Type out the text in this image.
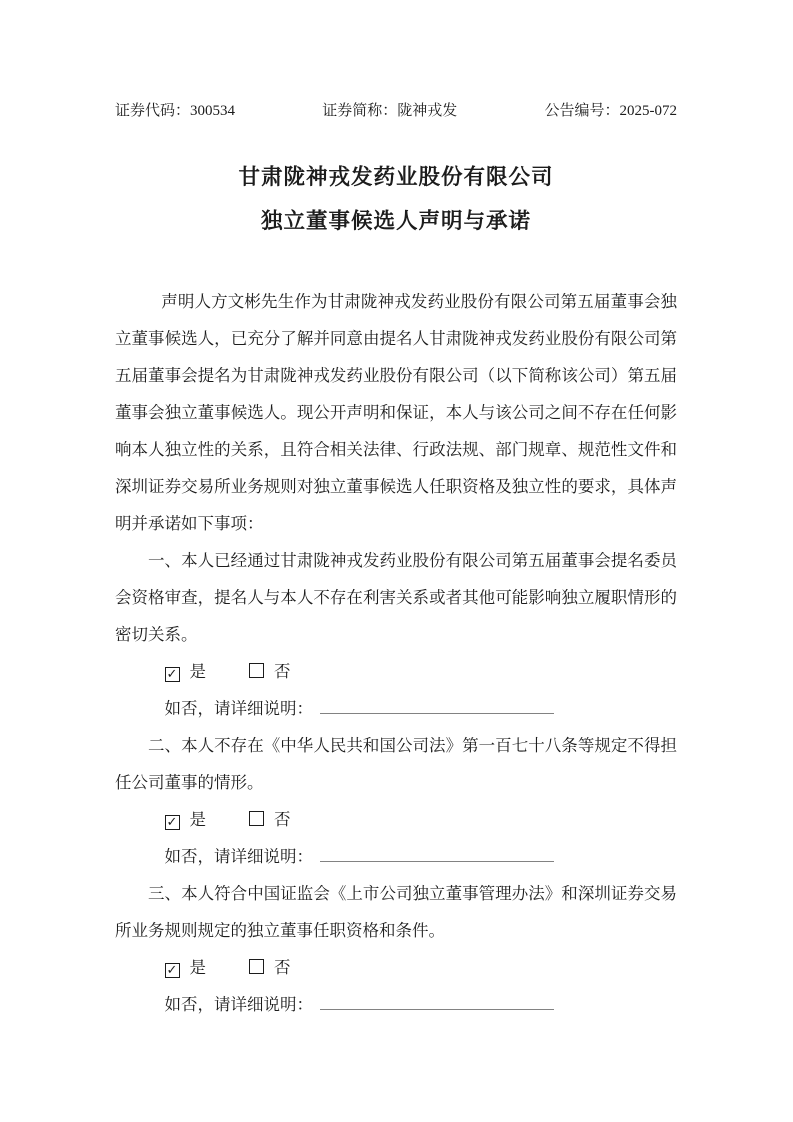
证券代码：300534	证券简称：陇神戎发	公告编号：2025-072
甘肃陇神戎发药业股份有限公司
独立董事候选人声明与承诺

声明人方文彬先生作为甘肃陇神戎发药业股份有限公司第五届董事会独立董事候选人，已充分了解并同意由提名人甘肃陇神戎发药业股份有限公司第五届董事会提名为甘肃陇神戎发药业股份有限公司（以下简称该公司）第五届董事会独立董事候选人。现公开声明和保证，本人与该公司之间不存在任何影响本人独立性的关系，且符合相关法律、行政法规、部门规章、规范性文件和深圳证券交易所业务规则对独立董事候选人任职资格及独立性的要求，具体声明并承诺如下事项：

一、本人已经通过甘肃陇神戎发药业股份有限公司第五届董事会提名委员会资格审查，提名人与本人不存在利害关系或者其他可能影响独立履职情形的密切关系。

✓ 是	否
如否，请详细说明：

二、本人不存在《中华人民共和国公司法》第一百七十八条等规定不得担任公司董事的情形。

✓ 是	否
如否，请详细说明：

三、本人符合中国证监会《上市公司独立董事管理办法》和深圳证券交易所业务规则规定的独立董事任职资格和条件。

✓ 是	否
如否，请详细说明：
